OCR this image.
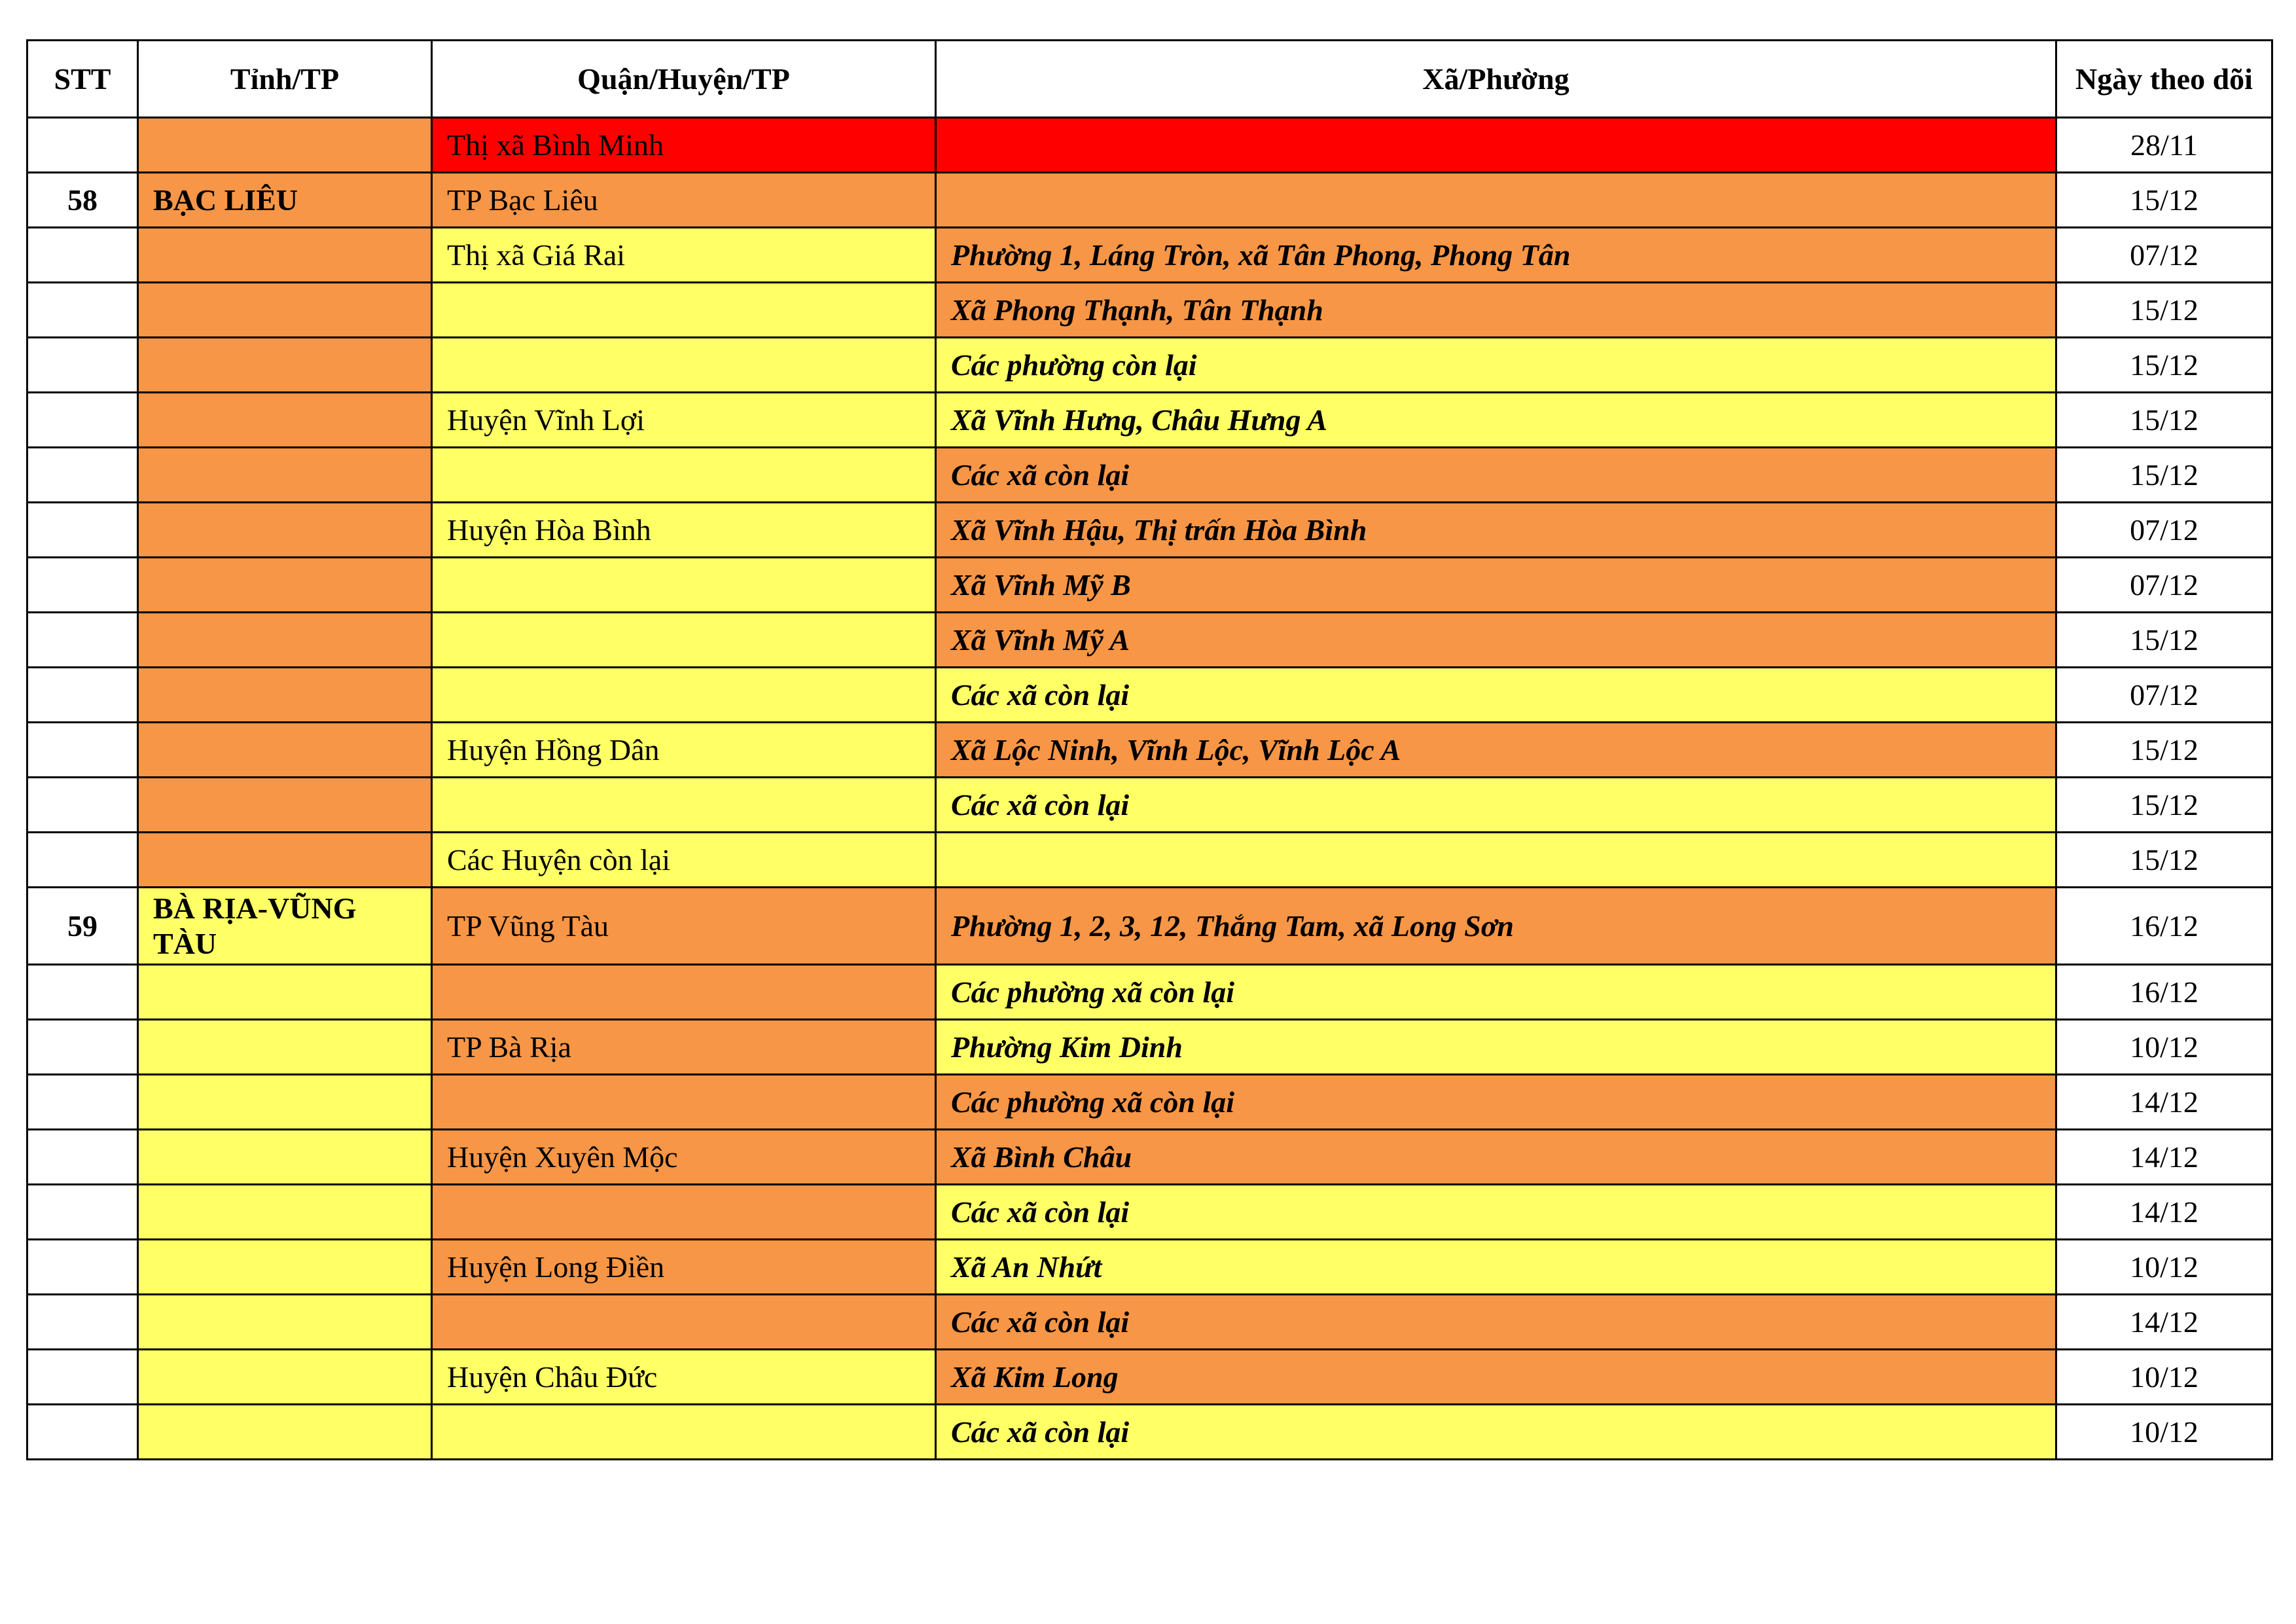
STT	Tỉnh/TP	Quận/Huyện/TP	Xã/Phường	Ngày theo dõi
		Thị xã Bình Minh		28/11
58	BẠC LIÊU	TP Bạc Liêu		15/12
		Thị xã Giá Rai	Phường 1, Láng Tròn, xã Tân Phong, Phong Tân	07/12
			Xã Phong Thạnh, Tân Thạnh	15/12
			Các phường còn lại	15/12
		Huyện Vĩnh Lợi	Xã Vĩnh Hưng, Châu Hưng A	15/12
			Các xã còn lại	15/12
		Huyện Hòa Bình	Xã Vĩnh Hậu, Thị trấn Hòa Bình	07/12
			Xã Vĩnh Mỹ B	07/12
			Xã Vĩnh Mỹ A	15/12
			Các xã còn lại	07/12
		Huyện Hồng Dân	Xã Lộc Ninh, Vĩnh Lộc, Vĩnh Lộc A	15/12
			Các xã còn lại	15/12
		Các Huyện còn lại		15/12
59	BÀ RỊA-VŨNG TÀU	TP Vũng Tàu	Phường 1, 2, 3, 12, Thắng Tam, xã Long Sơn	16/12
			Các phường xã còn lại	16/12
		TP Bà Rịa	Phường Kim Dinh	10/12
			Các phường xã còn lại	14/12
		Huyện Xuyên Mộc	Xã Bình Châu	14/12
			Các xã còn lại	14/12
		Huyện Long Điền	Xã An Nhứt	10/12
			Các xã còn lại	14/12
		Huyện Châu Đức	Xã Kim Long	10/12
			Các xã còn lại	10/12
